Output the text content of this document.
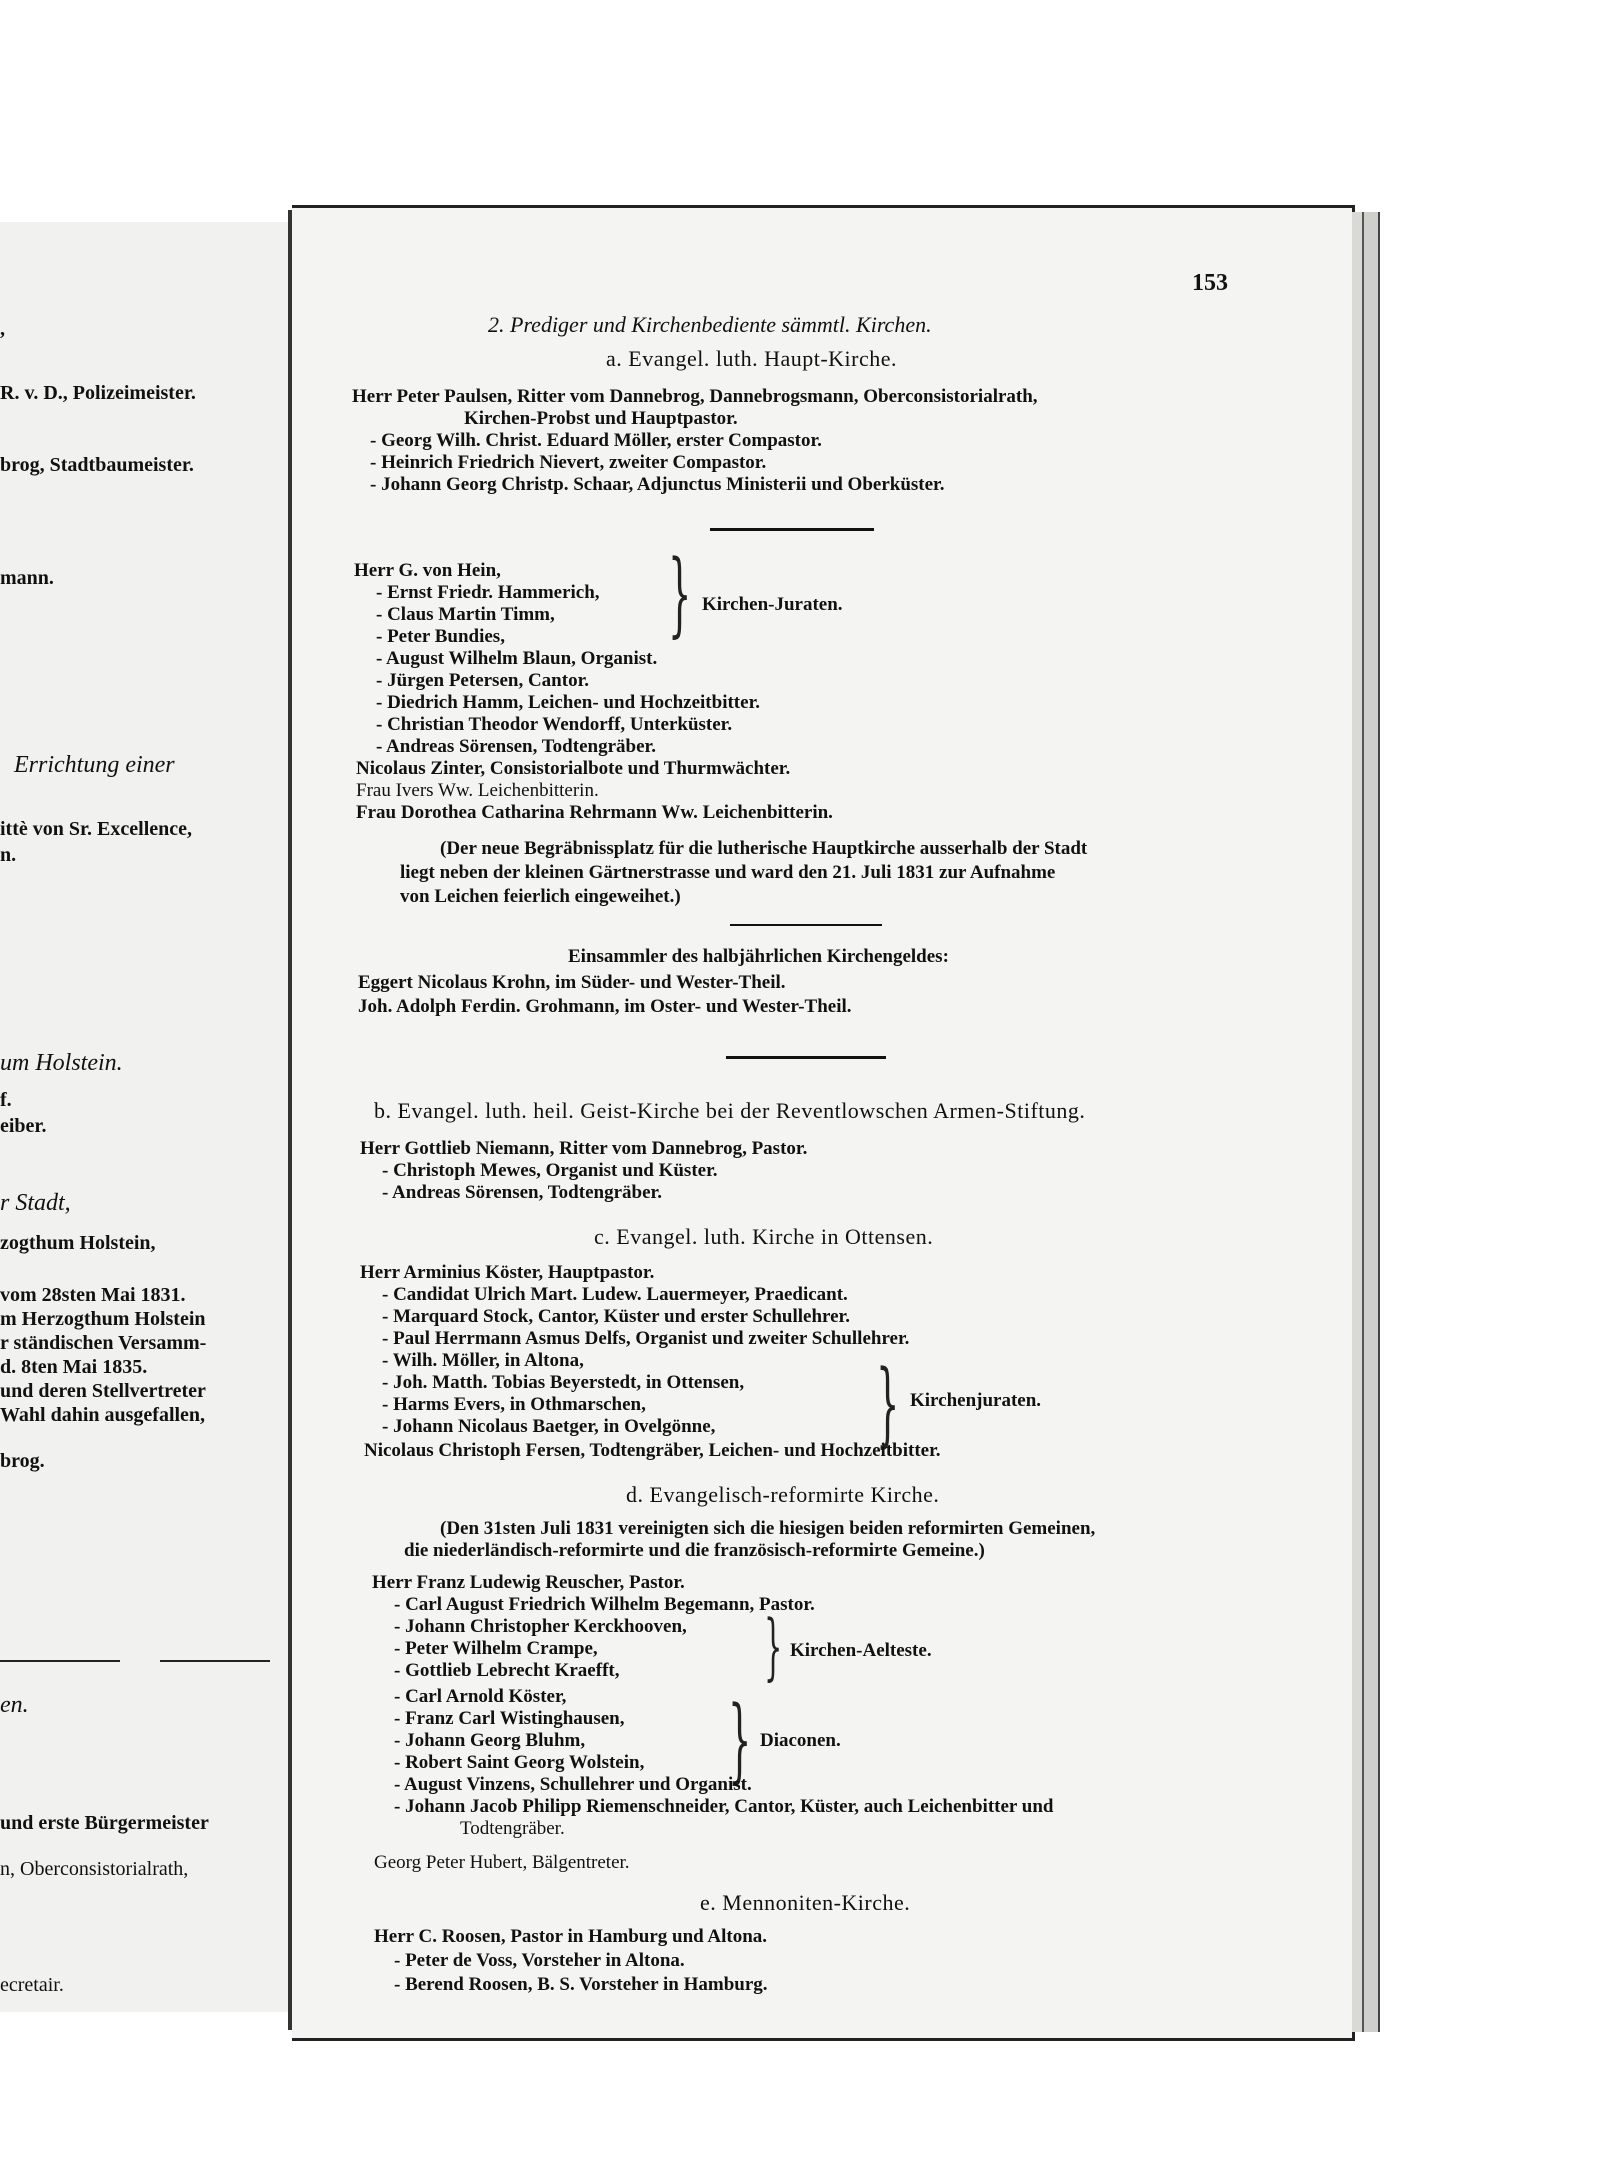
,
R. v. D., Polizeimeister.
brog, Stadtbaumeister.
mann.
Errichtung einer
ittè von Sr. Excellence,
n.
um Holstein.
f.
eiber.
r Stadt,
zogthum Holstein,
vom 28sten Mai 1831.
m Herzogthum Holstein
r ständischen Versamm-
d. 8ten Mai 1835.
und deren Stellvertreter
Wahl dahin ausgefallen,
brog.
en.
und erste Bürgermeister
n, Oberconsistorialrath,
ecretair.
153
2. Prediger und Kirchenbediente sämmtl. Kirchen.
a. Evangel. luth. Haupt-Kirche.
Herr Peter Paulsen, Ritter vom Dannebrog, Dannebrogsmann, Oberconsistorialrath,
Kirchen-Probst und Hauptpastor.
- Georg Wilh. Christ. Eduard Möller, erster Compastor.
- Heinrich Friedrich Nievert, zweiter Compastor.
- Johann Georg Christp. Schaar, Adjunctus Ministerii und Oberküster.
Herr G. von Hein,
- Ernst Friedr. Hammerich,
- Claus Martin Timm,
- Peter Bundies, } Kirchen-Juraten.
- August Wilhelm Blaun, Organist.
- Jürgen Petersen, Cantor.
- Diedrich Hamm, Leichen- und Hochzeitbitter.
- Christian Theodor Wendorff, Unterküster.
- Andreas Sörensen, Todtengräber.
Nicolaus Zinter, Consistorialbote und Thurmwächter.
Frau Ivers Ww. Leichenbitterin.
Frau Dorothea Catharina Rehrmann Ww. Leichenbitterin.
(Der neue Begräbnissplatz für die lutherische Hauptkirche ausserhalb der Stadt
liegt neben der kleinen Gärtnerstrasse und ward den 21. Juli 1831 zur Aufnahme
von Leichen feierlich eingeweihet.)
Einsammler des halbjährlichen Kirchengeldes:
Eggert Nicolaus Krohn, im Süder- und Wester-Theil.
Joh. Adolph Ferdin. Grohmann, im Oster- und Wester-Theil.
b. Evangel. luth. heil. Geist-Kirche bei der Reventlowschen Armen-Stiftung.
Herr Gottlieb Niemann, Ritter vom Dannebrog, Pastor.
- Christoph Mewes, Organist und Küster.
- Andreas Sörensen, Todtengräber.
c. Evangel. luth. Kirche in Ottensen.
Herr Arminius Köster, Hauptpastor.
- Candidat Ulrich Mart. Ludew. Lauermeyer, Praedicant.
- Marquard Stock, Cantor, Küster und erster Schullehrer.
- Paul Herrmann Asmus Delfs, Organist und zweiter Schullehrer.
- Wilh. Möller, in Altona,
- Joh. Matth. Tobias Beyerstedt, in Ottensen,
- Harms Evers, in Othmarschen,
- Johann Nicolaus Baetger, in Ovelgönne, } Kirchenjuraten.
Nicolaus Christoph Fersen, Todtengräber, Leichen- und Hochzeitbitter.
d. Evangelisch-reformirte Kirche.
(Den 31sten Juli 1831 vereinigten sich die hiesigen beiden reformirten Gemeinen,
die niederländisch-reformirte und die französisch-reformirte Gemeine.)
Herr Franz Ludewig Reuscher, Pastor.
- Carl August Friedrich Wilhelm Begemann, Pastor.
- Johann Christopher Kerckhooven,
- Peter Wilhelm Crampe,
- Gottlieb Lebrecht Kraefft, } Kirchen-Aelteste.
- Carl Arnold Köster,
- Franz Carl Wistinghausen,
- Johann Georg Bluhm,
- Robert Saint Georg Wolstein, } Diaconen.
- August Vinzens, Schullehrer und Organist.
- Johann Jacob Philipp Riemenschneider, Cantor, Küster, auch Leichenbitter und
Todtengräber.
Georg Peter Hubert, Bälgentreter.
e. Mennoniten-Kirche.
Herr C. Roosen, Pastor in Hamburg und Altona.
- Peter de Voss, Vorsteher in Altona.
- Berend Roosen, B. S. Vorsteher in Hamburg.
